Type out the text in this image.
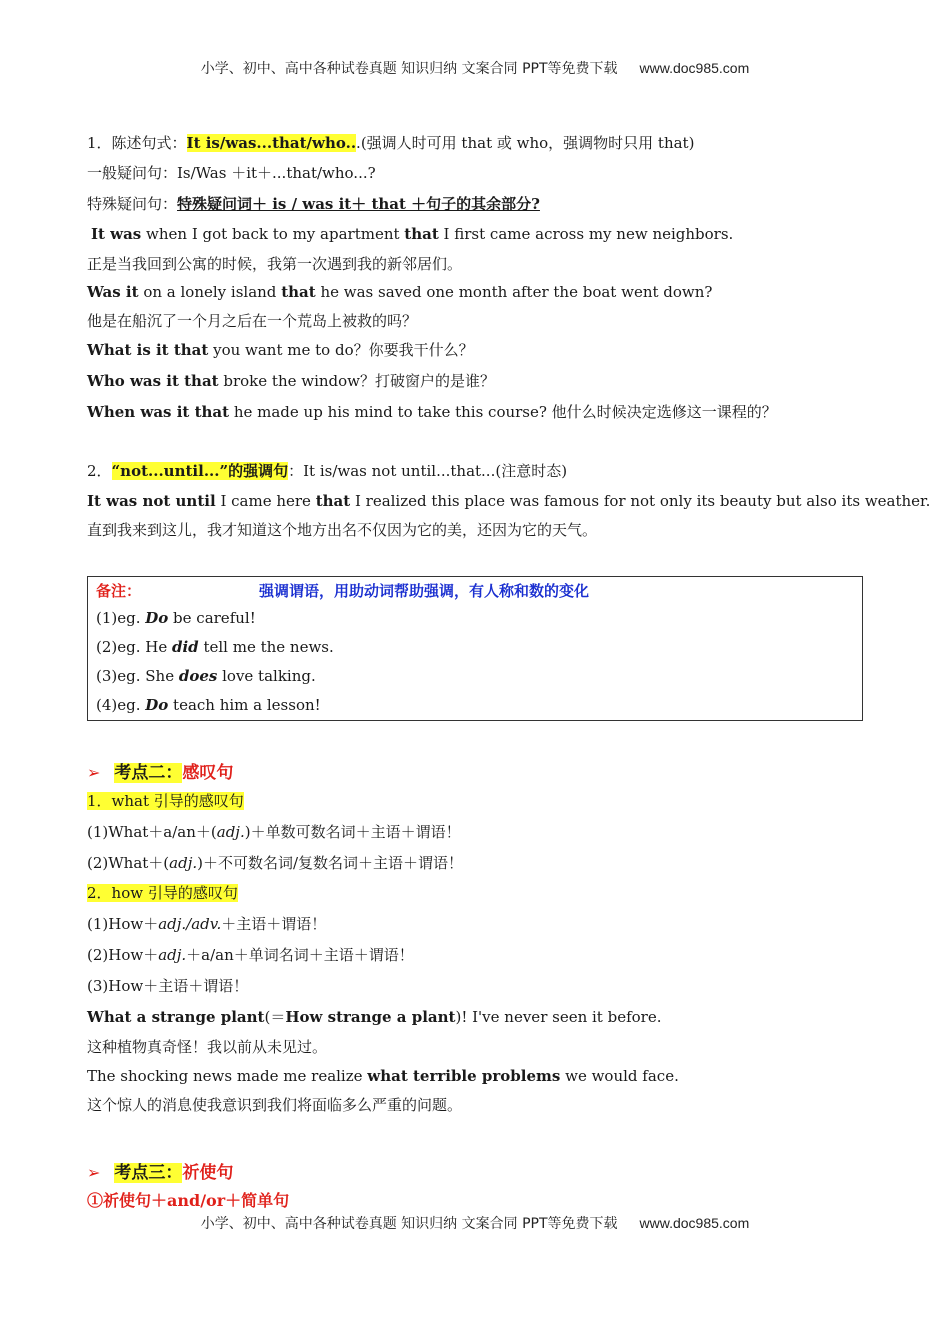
小学、初中、高中各种试卷真题 知识归纳 文案合同 PPT等免费下载 www.doc985.com
1．陈述句式：It is/was...that/who...(强调人时可用 that 或 who，强调物时只用 that)
一般疑问句：Is/Was ＋it＋...that/who...?
特殊疑问句：特殊疑问词＋ is / was it＋ that ＋句子的其余部分?
It was when I got back to my apartment that I first came across my new neighbors.
正是当我回到公寓的时候，我第一次遇到我的新邻居们。
Was it on a lonely island that he was saved one month after the boat went down?
他是在船沉了一个月之后在一个荒岛上被救的吗？
What is it that you want me to do？你要我干什么？
Who was it that broke the window？打破窗户的是谁？
When was it that he made up his mind to take this course? 他什么时候决定选修这一课程的？
2．“not...until...”的强调句：It is/was not until...that...(注意时态)
It was not until I came here that I realized this place was famous for not only its beauty but also its weather.
直到我来到这儿，我才知道这个地方出名不仅因为它的美，还因为它的天气。
备注：	强调谓语，用助动词帮助强调，有人称和数的变化
(1)eg. Do be careful!
(2)eg. He did tell me the news.
(3)eg. She does love talking.
(4)eg. Do teach him a lesson!
➢ 考点二：感叹句
1．what 引导的感叹句
(1)What＋a/an＋(adj.)＋单数可数名词＋主语＋谓语！
(2)What＋(adj.)＋不可数名词/复数名词＋主语＋谓语！
2．how 引导的感叹句
(1)How＋adj./adv.＋主语＋谓语！
(2)How＋adj.＋a/an＋单词名词＋主语＋谓语！
(3)How＋主语＋谓语！
What a strange plant(＝How strange a plant)! I've never seen it before.
这种植物真奇怪！我以前从未见过。
The shocking news made me realize what terrible problems we would face.
这个惊人的消息使我意识到我们将面临多么严重的问题。
➢ 考点三：祈使句
①祈使句＋and/or＋简单句
小学、初中、高中各种试卷真题 知识归纳 文案合同 PPT等免费下载 www.doc985.com
